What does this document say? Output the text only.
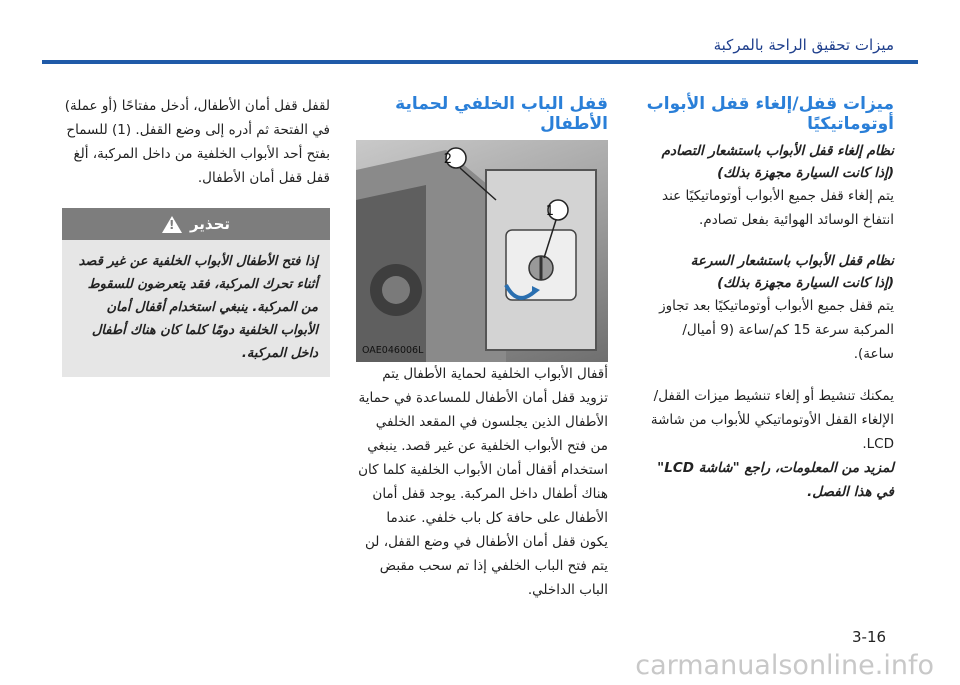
ميزات تحقيق الراحة بالمركبة
ميزات قفل/إلغاء قفل الأبواب أوتوماتيكيًا
نظام إلغاء قفل الأبواب باستشعار التصادم
(إذا كانت السيارة مجهزة بذلك)

يتم إلغاء قفل جميع الأبواب أوتوماتيكيًا عند انتفاخ الوسائد الهوائية بفعل تصادم.

نظام قفل الأبواب باستشعار السرعة
(إذا كانت السيارة مجهزة بذلك)

يتم قفل جميع الأبواب أوتوماتيكيًا بعد تجاوز المركبة سرعة 15 كم/ساعة (9 أميال/ساعة).

يمكنك تنشيط أو إلغاء تنشيط ميزات القفل/الإلغاء القفل الأوتوماتيكي للأبواب من شاشة LCD.

لمزيد من المعلومات، راجع "شاشة LCD" في هذا الفصل.

قفل الباب الخلفي لحماية الأطفال
1
2
OAE046006L

أقفال الأبواب الخلفية لحماية الأطفال يتم تزويد قفل أمان الأطفال للمساعدة في حماية الأطفال الذين يجلسون في المقعد الخلفي من فتح الأبواب الخلفية عن غير قصد. ينبغي استخدام أقفال أمان الأبواب الخلفية كلما كان هناك أطفال داخل المركبة. يوجد قفل أمان الأطفال على حافة كل باب خلفي. عندما يكون قفل أمان الأطفال في وضع القفل، لن يتم فتح الباب الخلفي إذا تم سحب مقبض الباب الداخلي.

لقفل قفل أمان الأطفال، أدخل مفتاحًا (أو عملة) في الفتحة ثم أدره إلى وضع القفل. (1) للسماح بفتح أحد الأبواب الخلفية من داخل المركبة، ألغ قفل قفل أمان الأطفال.

تحذير
!
إذا فتح الأطفال الأبواب الخلفية عن غير قصد أثناء تحرك المركبة، فقد يتعرضون للسقوط من المركبة. ينبغي استخدام أقفال أمان الأبواب الخلفية دومًا كلما كان هناك أطفال داخل المركبة.
3-16
carmanualsonline.info
